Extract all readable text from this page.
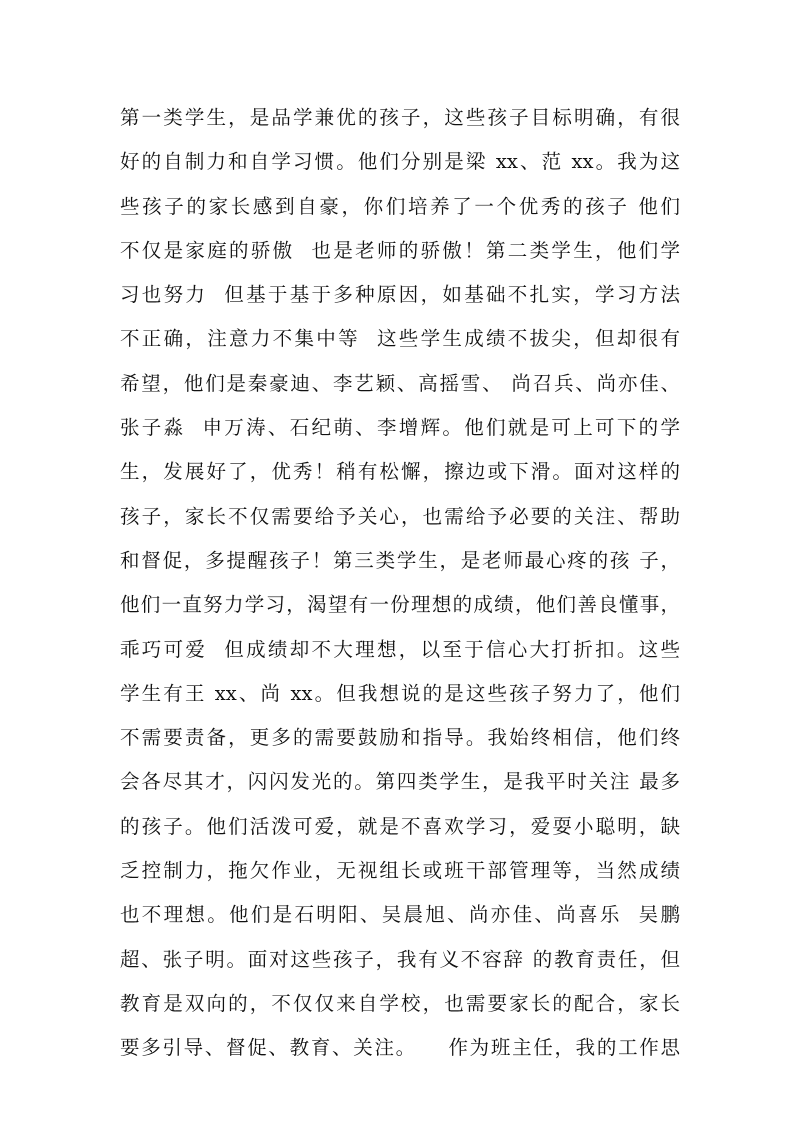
第一类学生，是品学兼优的孩子，这些孩子目标明确，有很
好的自制力和自学习惯。他们分别是梁 xx、范 xx。我为这
些孩子的家长感到自豪，你们培养了一个优秀的孩子 他们
不仅是家庭的骄傲  也是老师的骄傲！第二类学生，他们学
习也努力  但基于基于多种原因，如基础不扎实，学习方法
不正确，注意力不集中等  这些学生成绩不拔尖，但却很有
希望，他们是秦豪迪、李艺颖、高摇雪、 尚召兵、尚亦佳、
张子淼  申万涛、石纪萌、李增辉。他们就是可上可下的学
生，发展好了，优秀！稍有松懈，擦边或下滑。面对这样的
孩子，家长不仅需要给予关心，也需给予必要的关注、帮助
和督促，多提醒孩子！第三类学生，是老师最心疼的孩 子，
他们一直努力学习，渴望有一份理想的成绩，他们善良懂事，
乖巧可爱  但成绩却不大理想，以至于信心大打折扣。这些
学生有王 xx、尚 xx。但我想说的是这些孩子努力了，他们
不需要责备，更多的需要鼓励和指导。我始终相信，他们终
会各尽其才，闪闪发光的。第四类学生，是我平时关注 最多
的孩子。他们活泼可爱，就是不喜欢学习，爱耍小聪明，缺
乏控制力，拖欠作业，无视组长或班干部管理等，当然成绩
也不理想。他们是石明阳、吴晨旭、尚亦佳、尚喜乐  吴鹏
超、张子明。面对这些孩子，我有义不容辞 的教育责任，但
教育是双向的，不仅仅来自学校，也需要家长的配合，家长
要多引导、督促、教育、关注。    作为班主任，我的工作思
